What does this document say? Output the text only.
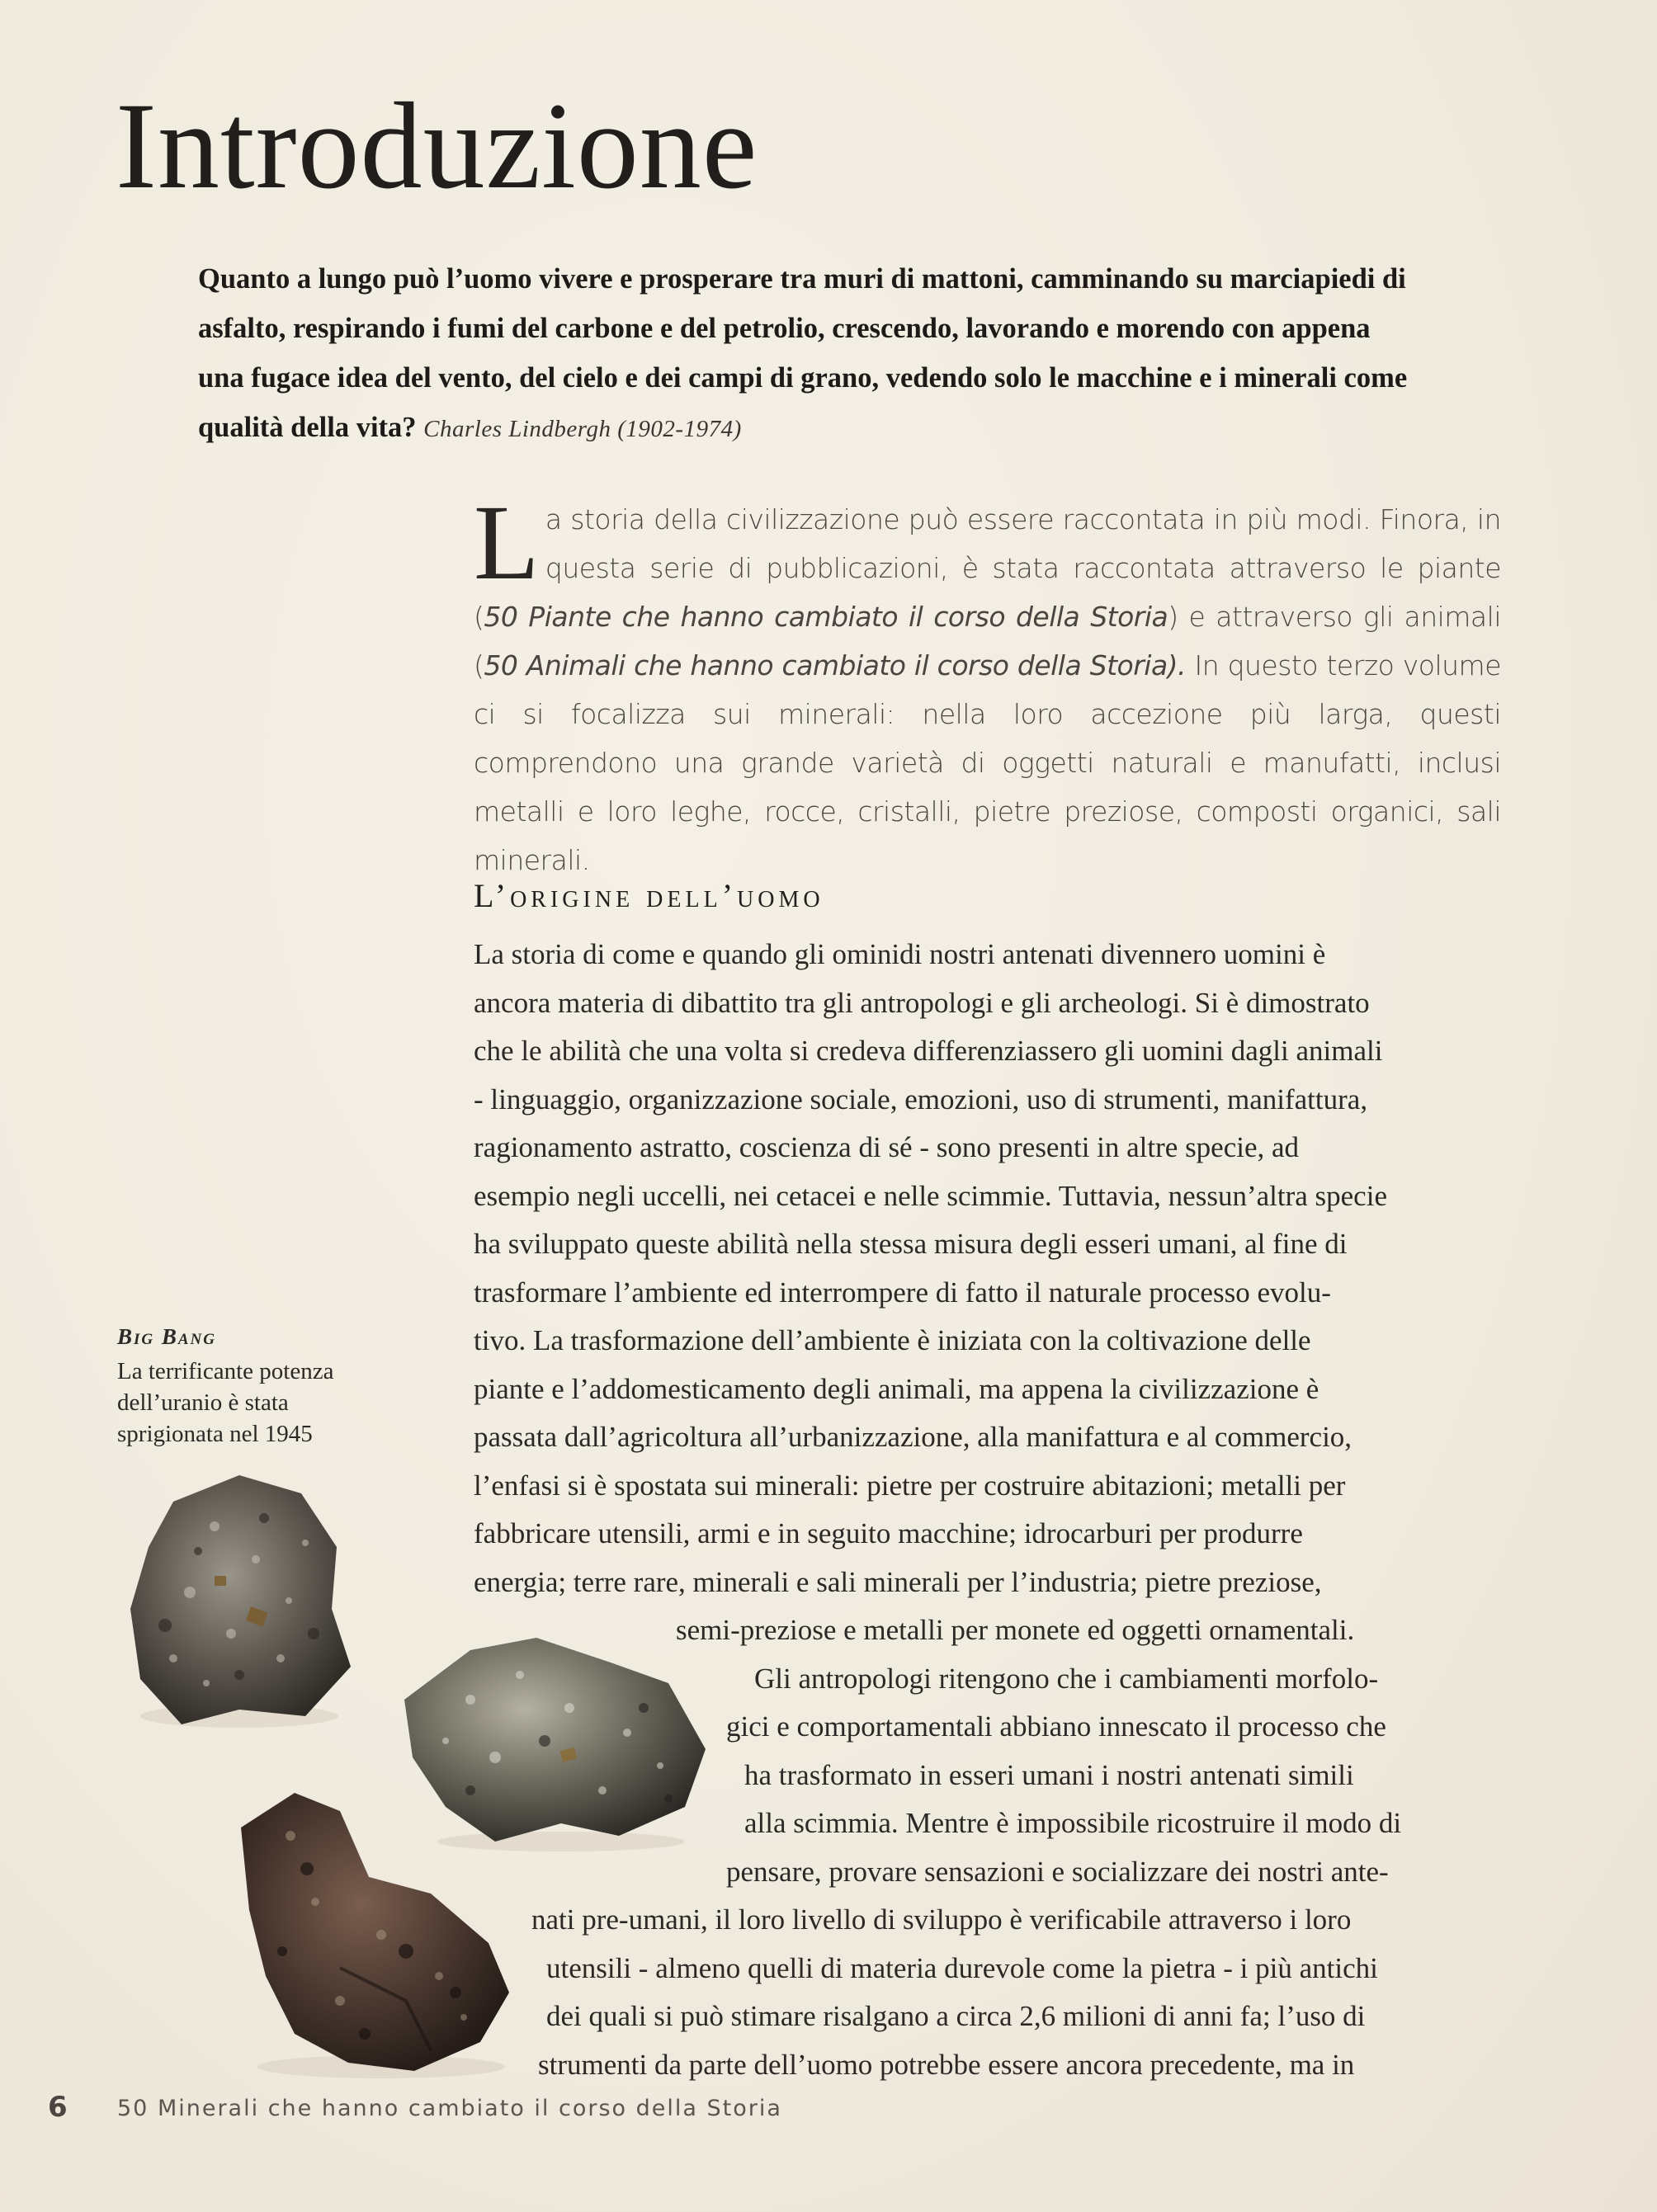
Introduzione
Quanto a lungo può l’uomo vivere e prosperare tra muri di mattoni, camminando su marciapiedi di asfalto, respirando i fumi del carbone e del petrolio, crescendo, lavorando e morendo con appena una fugace idea del vento, del cielo e dei campi di grano, vedendo solo le macchine e i minerali come qualità della vita? Charles Lindbergh (1902-1974)
La storia della civilizzazione può essere raccontata in più modi. Finora, in questa serie di pubblicazioni, è stata raccontata attraverso le piante (50 Piante che hanno cambiato il corso della Storia) e attraverso gli animali (50 Animali che hanno cambiato il corso della Storia). In questo terzo volume ci si focalizza sui minerali: nella loro accezione più larga, questi comprendono una grande varietà di oggetti naturali e manufatti, inclusi metalli e loro leghe, rocce, cristalli, pietre preziose, composti organici, sali minerali.
L’origine dell’uomo
La storia di come e quando gli ominidi nostri antenati divennero uomini è
ancora materia di dibattito tra gli antropologi e gli archeologi. Si è dimostrato
che le abilità che una volta si credeva differenziassero gli uomini dagli animali
- linguaggio, organizzazione sociale, emozioni, uso di strumenti, manifattura,
ragionamento astratto, coscienza di sé - sono presenti in altre specie, ad
esempio negli uccelli, nei cetacei e nelle scimmie. Tuttavia, nessun’altra specie
ha sviluppato queste abilità nella stessa misura degli esseri umani, al fine di
trasformare l’ambiente ed interrompere di fatto il naturale processo evolu-
tivo. La trasformazione dell’ambiente è iniziata con la coltivazione delle
piante e l’addomesticamento degli animali, ma appena la civilizzazione è
passata dall’agricoltura all’urbanizzazione, alla manifattura e al commercio,
l’enfasi si è spostata sui minerali: pietre per costruire abitazioni; metalli per
fabbricare utensili, armi e in seguito macchine; idrocarburi per produrre
energia; terre rare, minerali e sali minerali per l’industria; pietre preziose,
semi-preziose e metalli per monete ed oggetti ornamentali.
Gli antropologi ritengono che i cambiamenti morfolo-
gici e comportamentali abbiano innescato il processo che
ha trasformato in esseri umani i nostri antenati simili
alla scimmia. Mentre è impossibile ricostruire il modo di
pensare, provare sensazioni e socializzare dei nostri ante-
nati pre-umani, il loro livello di sviluppo è verificabile attraverso i loro
utensili - almeno quelli di materia durevole come la pietra - i più antichi
dei quali si può stimare risalgano a circa 2,6 milioni di anni fa; l’uso di
strumenti da parte dell’uomo potrebbe essere ancora precedente, ma in
Big Bang
La terrificante potenza dell’uranio è stata sprigionata nel 1945
6 50 Minerali che hanno cambiato il corso della Storia
